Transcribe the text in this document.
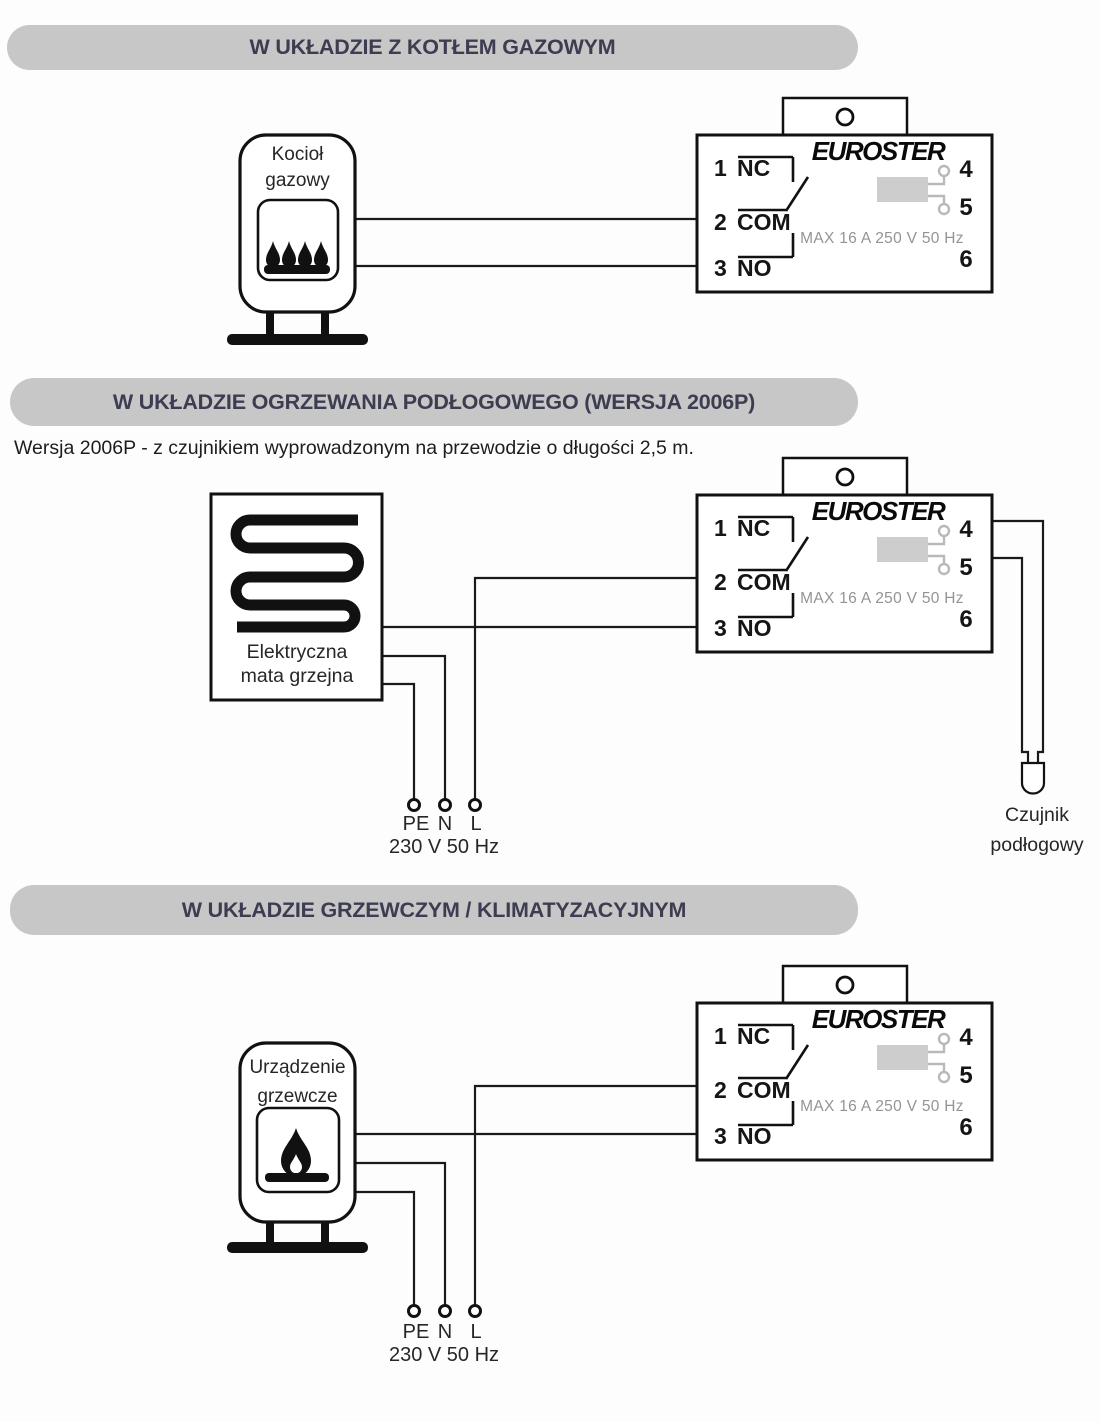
W UKŁADZIE Z KOTŁEM GAZOWYM
W UKŁADZIE OGRZEWANIA PODŁOGOWEGO (WERSJA 2006P)
W UKŁADZIE GRZEWCZYM / KLIMATYZACYJNYM
Wersja 2006P - z czujnikiem wyprowadzonym na przewodzie o długości 2,5 m.
Kocioł
gazowy
Elektryczna
mata grzejna
Czujnik
podłogowy
Urządzenie
grzewcze
EUROSTER
1 NC
2 COM
3 NO
4
5
6
MAX 16 A 250 V 50 Hz
EUROSTER
1 NC
2 COM
3 NO
4
5
6
MAX 16 A 250 V 50 Hz
EUROSTER
1 NC
2 COM
3 NO
4
5
6
MAX 16 A 250 V 50 Hz
PE N L
230 V 50 Hz
PE N L
230 V 50 Hz
